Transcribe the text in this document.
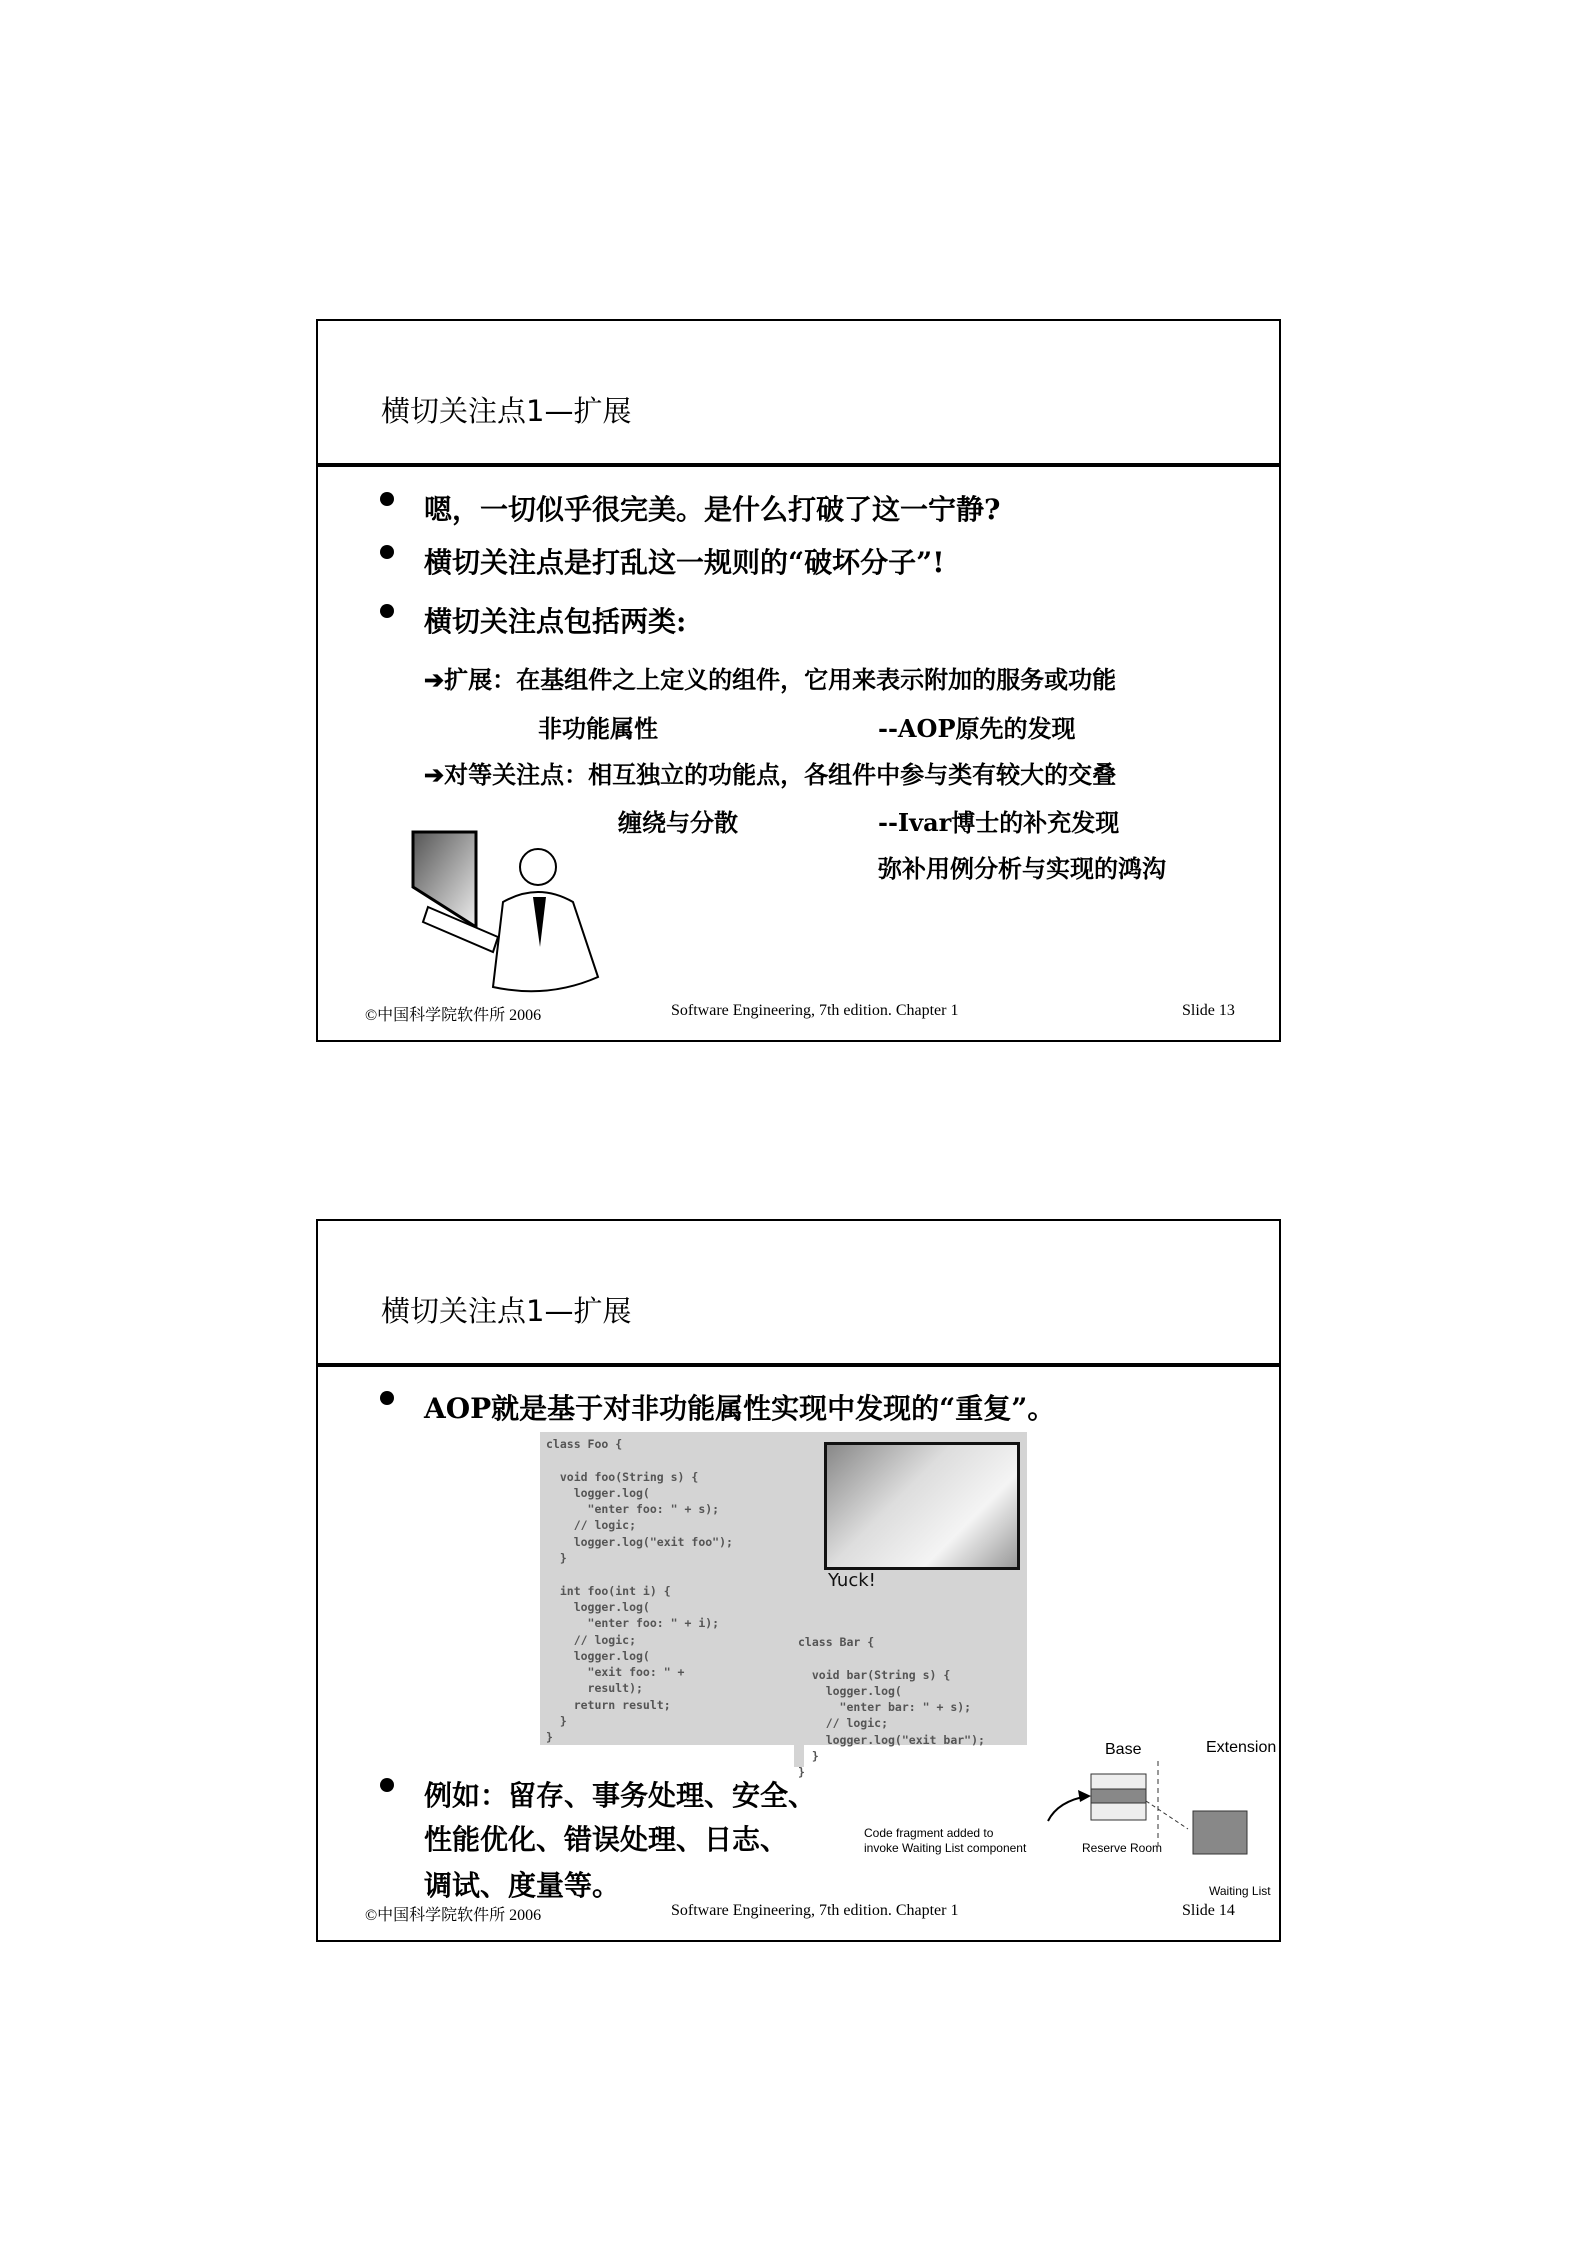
横切关注点1—扩展
嗯，一切似乎很完美。是什么打破了这一宁静?
横切关注点是打乱这一规则的“破坏分子”!
横切关注点包括两类:
➔扩展：在基组件之上定义的组件，它用来表示附加的服务或功能
非功能属性	--AOP原先的发现
➔对等关注点：相互独立的功能点，各组件中参与类有较大的交叠
缠绕与分散	--Ivar博士的补充发现
弥补用例分析与实现的鸿沟
©中国科学院软件所 2006	Software Engineering, 7th edition. Chapter 1	Slide 13
横切关注点1—扩展
AOP就是基于对非功能属性实现中发现的“重复”。
class Foo {

void foo(String s) {
logger.log(
"enter foo: " + s);
// logic;
logger.log("exit foo");
}

int foo(int i) {
logger.log(
"enter foo: " + i);
// logic;
logger.log(
"exit foo: " +
result);
return result;
}
}
Yuck!
class Bar {

void bar(String s) {
logger.log(
"enter bar: " + s);
// logic;
logger.log("exit bar");
}
}
例如：留存、事务处理、安全、
性能优化、错误处理、日志、
调试、度量等。
Base	Extension
Code fragment added to
invoke Waiting List component	Reserve Room
Waiting List
©中国科学院软件所 2006	Software Engineering, 7th edition. Chapter 1	Slide 14
